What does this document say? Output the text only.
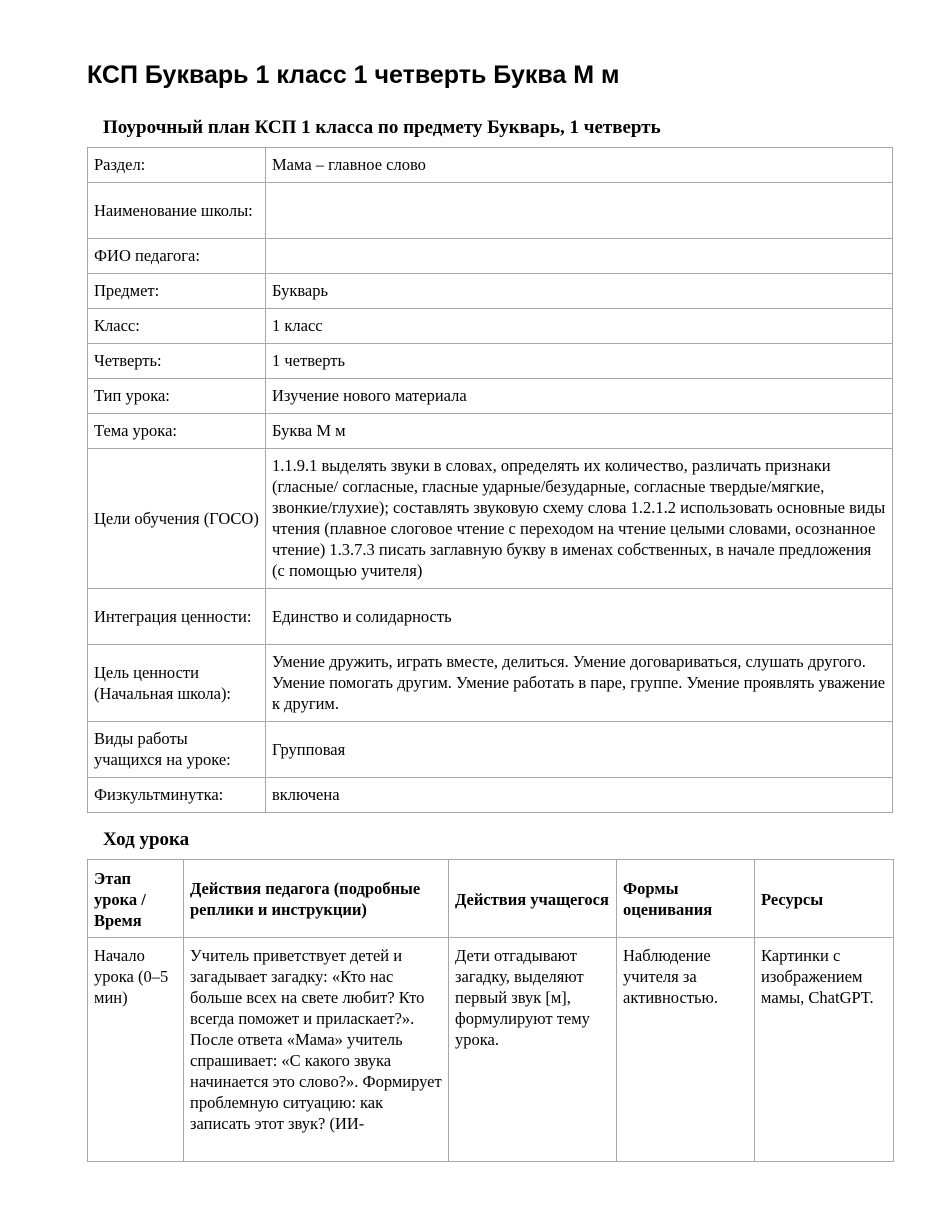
КСП Букварь 1 класс 1 четверть Буква М м
Поурочный план КСП 1 класса по предмету Букварь, 1 четверть
Раздел:	Мама – главное слово
Наименование школы:	
ФИО педагога:	
Предмет:	Букварь
Класс:	1 класс
Четверть:	1 четверть
Тип урока:	Изучение нового материала
Тема урока:	Буква М м
Цели обучения (ГОСО)	1.1.9.1 выделять звуки в словах, определять их количество, различать признаки (гласные/ согласные, гласные ударные/безударные, согласные твердые/мягкие, звонкие/глухие); составлять звуковую схему слова 1.2.1.2 использовать основные виды чтения (плавное слоговое чтение с переходом на чтение целыми словами, осознанное чтение) 1.3.7.3 писать заглавную букву в именах собственных, в начале предложения (с помощью учителя)
Интеграция ценности:	Единство и солидарность
Цель ценности (Начальная школа):	Умение дружить, играть вместе, делиться. Умение договариваться, слушать другого. Умение помогать другим. Умение работать в паре, группе. Умение проявлять уважение к другим.
Виды работы учащихся на уроке:	Групповая
Физкультминутка:	включена
Ход урока
Этап урока / Время	Действия педагога (подробные реплики и инструкции)	Действия учащегося	Формы оценивания	Ресурсы
Начало урока (0–5 мин)	Учитель приветствует детей и загадывает загадку: «Кто нас больше всех на свете любит? Кто всегда поможет и приласкает?». После ответа «Мама» учитель спрашивает: «С какого звука начинается это слово?». Формирует проблемную ситуацию: как записать этот звук? (ИИ-	Дети отгадывают загадку, выделяют первый звук [м], формулируют тему урока.	Наблюдение учителя за активностью.	Картинки с изображением мамы, ChatGPT.
